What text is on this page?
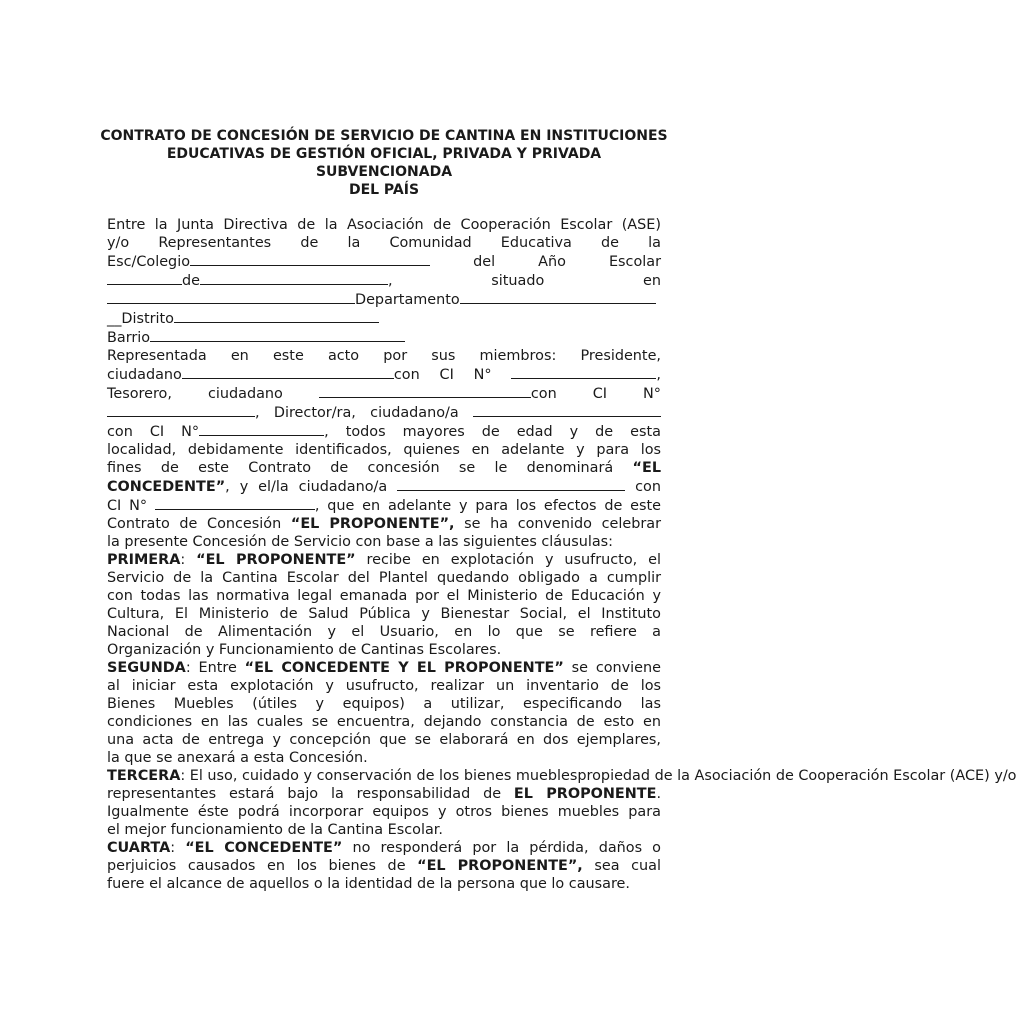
CONTRATO DE CONCESIÓN DE SERVICIO DE CANTINA EN INSTITUCIONES
EDUCATIVAS DE GESTIÓN OFICIAL, PRIVADA Y PRIVADA SUBVENCIONADA
DEL PAÍS

Entre la Junta Directiva de la Asociación de Cooperación Escolar (ASE)
y/o Representantes de la Comunidad Educativa de la
Esc/Colegio	del Año Escolar
de	,	situado	en
Departamento
__Distrito
Barrio
Representada en este acto por sus miembros: Presidente,
ciudadano	con CI N°	,
Tesorero,	ciudadano	con CI N°
, Director/ra, ciudadano/a
con CI N°	, todos mayores de edad y de esta
localidad, debidamente identificados, quienes en adelante y para los
fines de este Contrato de concesión se le denominará “EL
CONCEDENTE”, y el/la ciudadano/a	con
CI N°	, que en adelante y para los efectos de este
Contrato de Concesión “EL PROPONENTE”, se ha convenido celebrar
la presente Concesión de Servicio con base a las siguientes cláusulas:

PRIMERA: “EL PROPONENTE” recibe en explotación y usufructo, el
Servicio de la Cantina Escolar del Plantel quedando obligado a cumplir
con todas las normativa legal emanada por el Ministerio de Educación y
Cultura, El Ministerio de Salud Pública y Bienestar Social, el Instituto
Nacional de Alimentación y el Usuario, en lo que se refiere a
Organización y Funcionamiento de Cantinas Escolares.

SEGUNDA: Entre “EL CONCEDENTE Y EL PROPONENTE” se conviene
al iniciar esta explotación y usufructo, realizar un inventario de los
Bienes Muebles (útiles y equipos) a utilizar, especificando las
condiciones en las cuales se encuentra, dejando constancia de esto en
una acta de entrega y concepción que se elaborará en dos ejemplares,
la que se anexará a esta Concesión.

TERCERA: El uso, cuidado y conservación de los bienes mueblespropiedad de la Asociación de Cooperación Escolar (ACE) y/o
representantes estará bajo la responsabilidad de EL PROPONENTE.
Igualmente éste podrá incorporar equipos y otros bienes muebles para
el mejor funcionamiento de la Cantina Escolar.

CUARTA: “EL CONCEDENTE” no responderá por la pérdida, daños o
perjuicios causados en los bienes de “EL PROPONENTE”, sea cual
fuere el alcance de aquellos o la identidad de la persona que lo causare.
